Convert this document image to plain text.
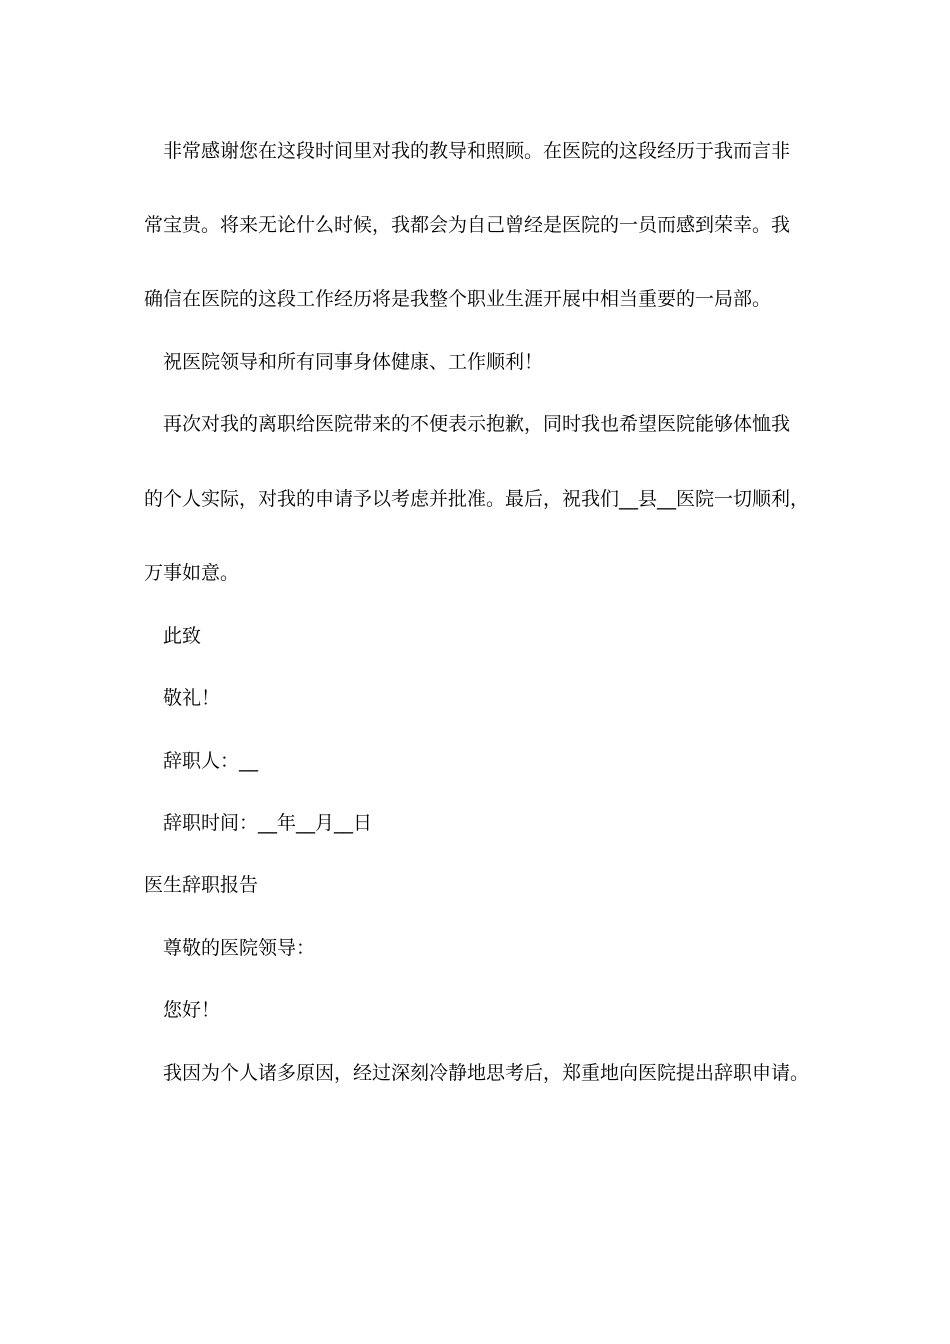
非常感谢您在这段时间里对我的教导和照顾。在医院的这段经历于我而言非
常宝贵。将来无论什么时候，我都会为自己曾经是医院的一员而感到荣幸。我
确信在医院的这段工作经历将是我整个职业生涯开展中相当重要的一局部。
祝医院领导和所有同事身体健康、工作顺利！
再次对我的离职给医院带来的不便表示抱歉，同时我也希望医院能够体恤我
的个人实际，对我的申请予以考虑并批准。最后，祝我们__县__医院一切顺利，
万事如意。
此致
敬礼！
辞职人：__
辞职时间：__年__月__日
医生辞职报告
尊敬的医院领导：
您好！
我因为个人诸多原因，经过深刻冷静地思考后，郑重地向医院提出辞职申请。
